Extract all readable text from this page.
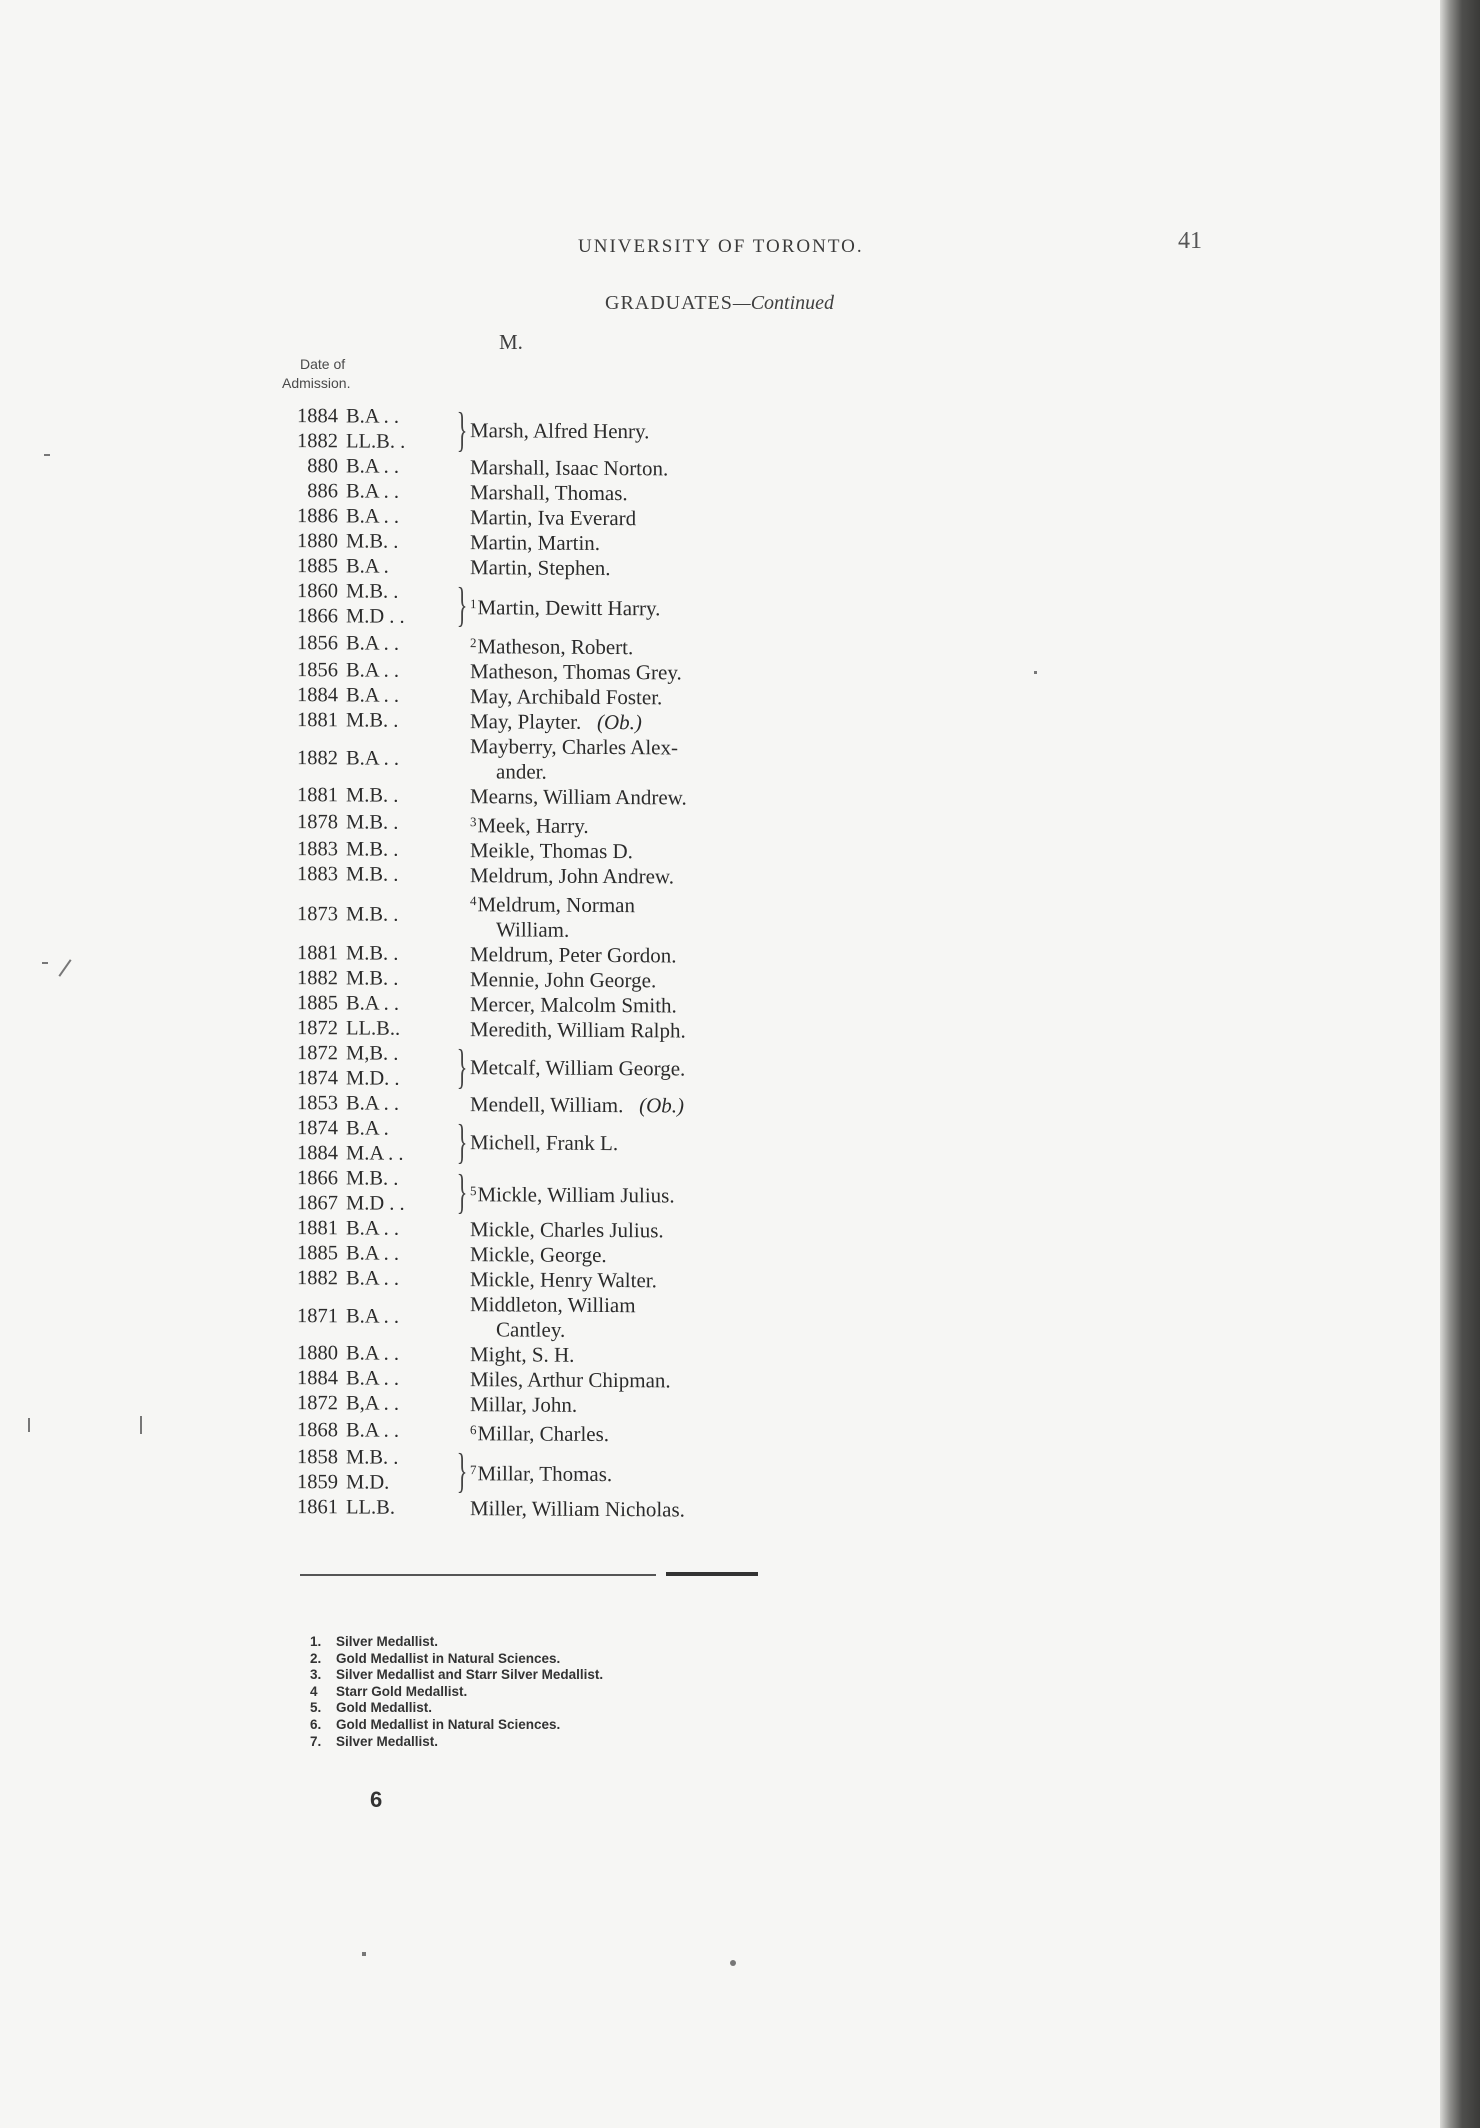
UNIVERSITY OF TORONTO.	41
GRADUATES—Continued
M.
Date of
Admission.
1884 B.A . .
1882 LL.B. .	} Marsh, Alfred Henry.
880 B.A . .	Marshall, Isaac Norton.
886 B.A . .	Marshall, Thomas.
1886 B.A . .	Martin, Iva Everard
1880 M.B. .	Martin, Martin.
1885 B.A .	Martin, Stephen.
1860 M.B. .
1866 M.D . .	} $^1$Martin, Dewitt Harry.
1856 B.A . .	$^2$Matheson, Robert.
1856 B.A . .	Matheson, Thomas Grey.
1884 B.A . .	May, Archibald Foster.
1881 M.B. .	May, Playter. (Ob.)
1882 B.A . .	Mayberry, Charles Alex-
ander.
1881 M.B. .	Mearns, William Andrew.
1878 M.B. .	$^3$Meek, Harry.
1883 M.B. .	Meikle, Thomas D.
1883 M.B. .	Meldrum, John Andrew.
1873 M.B. .
$^4$Meldrum, Norman
William.
1881 M.B. .	Meldrum, Peter Gordon.
1882 M.B. .	Mennie, John George.
1885 B.A . .	Mercer, Malcolm Smith.
1872 LL.B..	Meredith, William Ralph.
1872 M,B. .
1874 M.D. .	} Metcalf, William George.
1853 B.A . .	Mendell, William. (Ob.)
1874 B.A .
1884 M.A . .	} Michell, Frank L.
1866 M.B. .
1867 M.D . .	} $^5$Mickle, William Julius.
1881 B.A . .	Mickle, Charles Julius.
1885 B.A . .	Mickle, George.
1882 B.A . .	Mickle, Henry Walter.
1871 B.A . .	Middleton, William
Cantley.
1880 B.A . .	Might, S. H.
1884 B.A . .	Miles, Arthur Chipman.
1872 B,A . .	Millar, John.
1868 B.A . .	$^6$Millar, Charles.
1858 M.B. .
1859 M.D.	} $^7$Millar, Thomas.
1861 LL.B.	Miller, William Nicholas.
1. Silver Medallist.
2. Gold Medallist in Natural Sciences.
3. Silver Medallist and Starr Silver Medallist.
4 Starr Gold Medallist.
5. Gold Medallist.
6. Gold Medallist in Natural Sciences.
7. Silver Medallist.
6
